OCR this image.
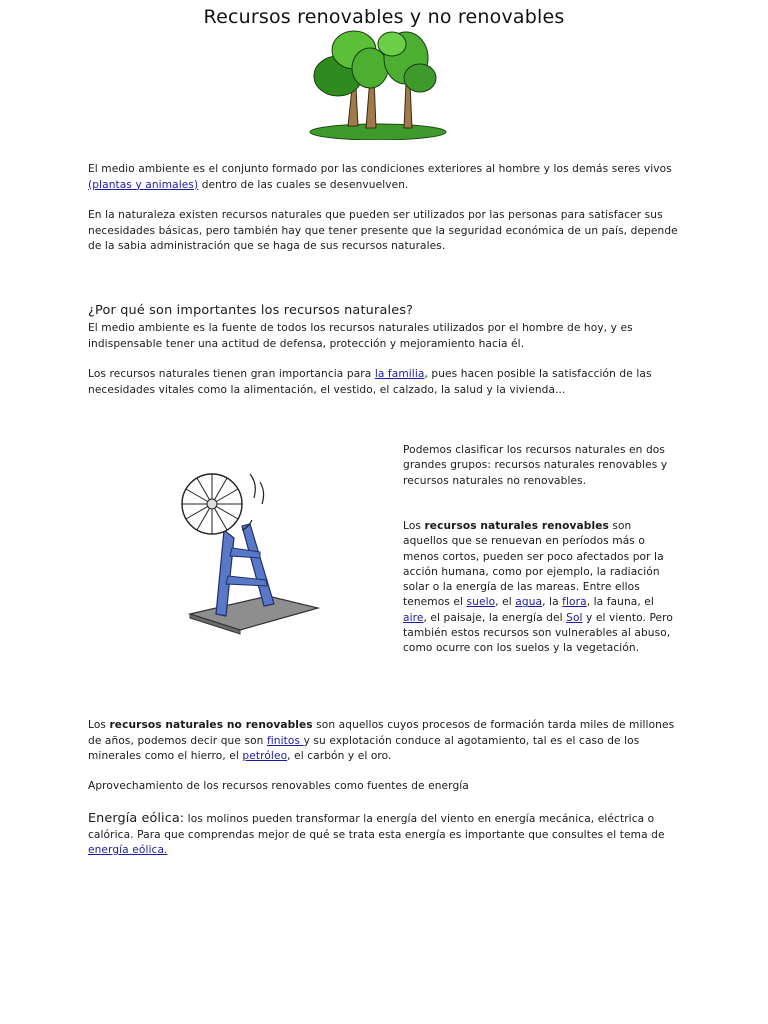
Recursos renovables y no renovables

El medio ambiente es el conjunto formado por las condiciones exteriores al hombre y los demás seres vivos (plantas y animales) dentro de las cuales se desenvuelven.

En la naturaleza existen recursos naturales que pueden ser utilizados por las personas para satisfacer sus necesidades básicas, pero también hay que tener presente que la seguridad económica de un país, depende de la sabia administración que se haga de sus recursos naturales.

¿Por qué son importantes los recursos naturales?

El medio ambiente es la fuente de todos los recursos naturales utilizados por el hombre de hoy, y es indispensable tener una actitud de defensa, protección y mejoramiento hacia él.

Los recursos naturales tienen gran importancia para la familia, pues hacen posible la satisfacción de las necesidades vitales como la alimentación, el vestido, el calzado, la salud y la vivienda...

Podemos clasificar los recursos naturales en dos grandes grupos: recursos naturales renovables y recursos naturales no renovables.

Los recursos naturales renovables son aquellos que se renuevan en períodos más o menos cortos, pueden ser poco afectados por la acción humana, como por ejemplo, la radiación solar o la energía de las mareas. Entre ellos tenemos el suelo, el agua, la flora, la fauna, el aire, el paisaje, la energía del Sol y el viento. Pero también estos recursos son vulnerables al abuso, como ocurre con los suelos y la vegetación.

Los recursos naturales no renovables son aquellos cuyos procesos de formación tarda miles de millones de años, podemos decir que son finitos y su explotación conduce al agotamiento, tal es el caso de los minerales como el hierro, el petróleo, el carbón y el oro.

Aprovechamiento de los recursos renovables como fuentes de energía

Energía eólica: los molinos pueden transformar la energía del viento en energía mecánica, eléctrica o calórica. Para que comprendas mejor de qué se trata esta energía es importante que consultes el tema de energía eólica.
